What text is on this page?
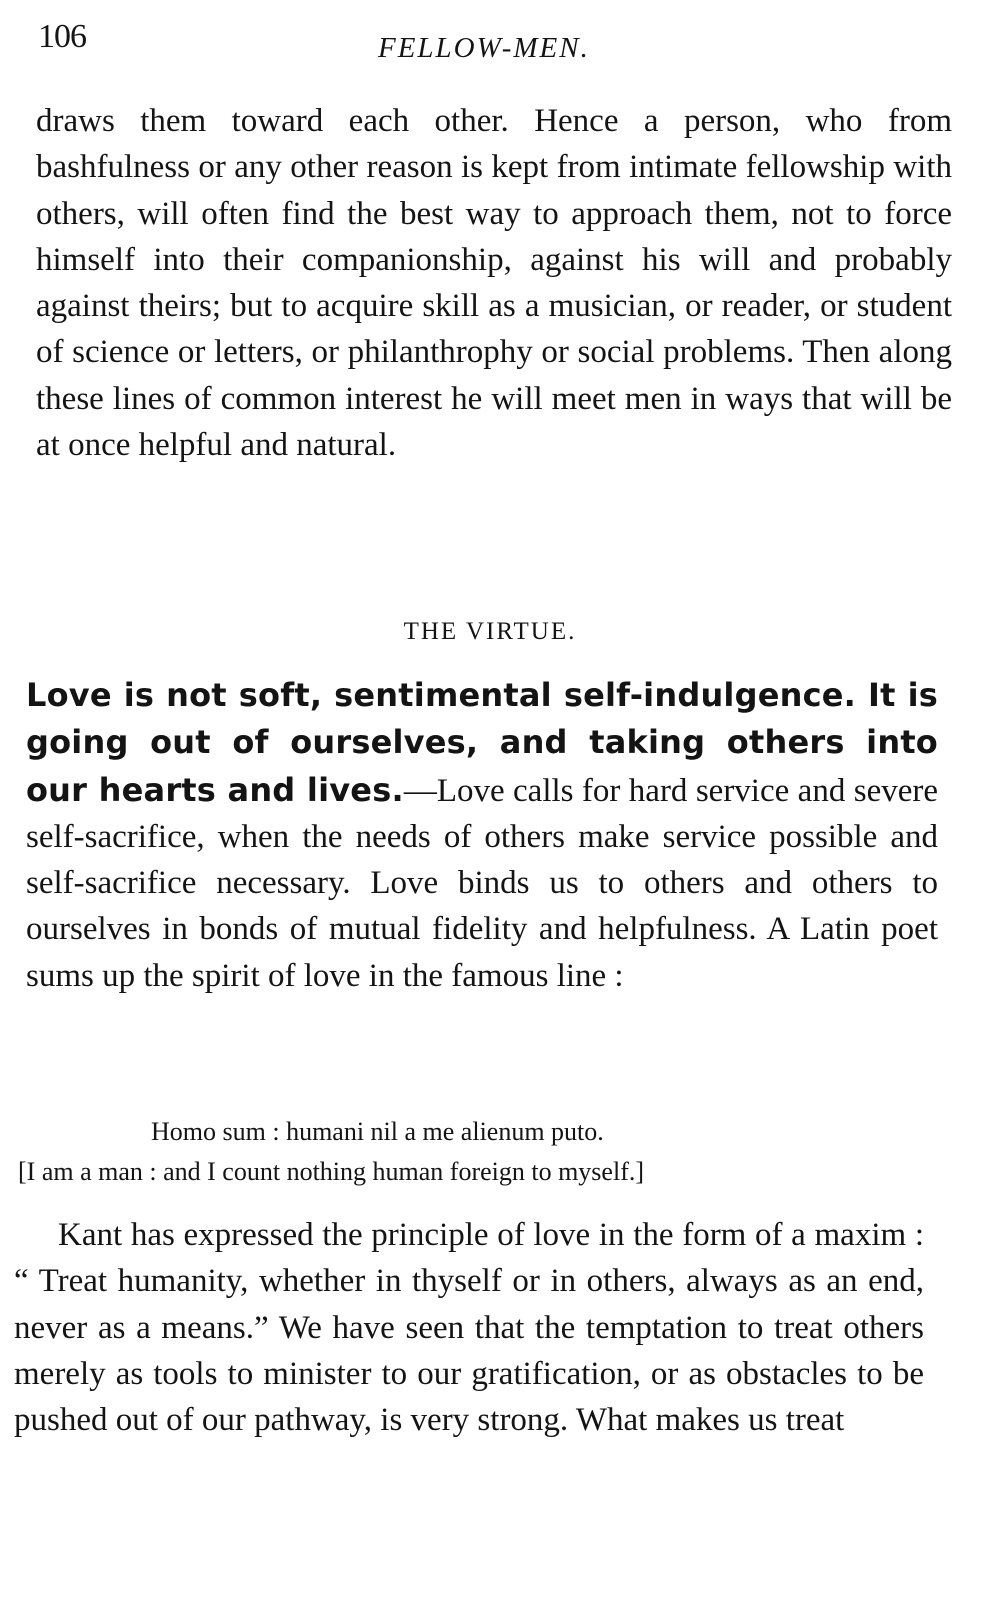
106	FELLOW-MEN.
draws them toward each other. Hence a person, who from bashfulness or any other reason is kept from intimate fellowship with others, will often find the best way to approach them, not to force himself into their companionship, against his will and probably against theirs; but to acquire skill as a musician, or reader, or student of science or letters, or philanthrophy or social problems. Then along these lines of common interest he will meet men in ways that will be at once helpful and natural.
THE VIRTUE.
Love is not soft, sentimental self-indulgence. It is going out of ourselves, and taking others into our hearts and lives.—Love calls for hard service and severe self-sacrifice, when the needs of others make service possible and self-sacrifice necessary. Love binds us to others and others to ourselves in bonds of mutual fidelity and helpfulness. A Latin poet sums up the spirit of love in the famous line :
Homo sum : humani nil a me alienum puto.
[I am a man : and I count nothing human foreign to myself.]
Kant has expressed the principle of love in the form of a maxim : “ Treat humanity, whether in thyself or in others, always as an end, never as a means.” We have seen that the temptation to treat others merely as tools to minister to our gratification, or as obstacles to be pushed out of our pathway, is very strong. What makes us treat
